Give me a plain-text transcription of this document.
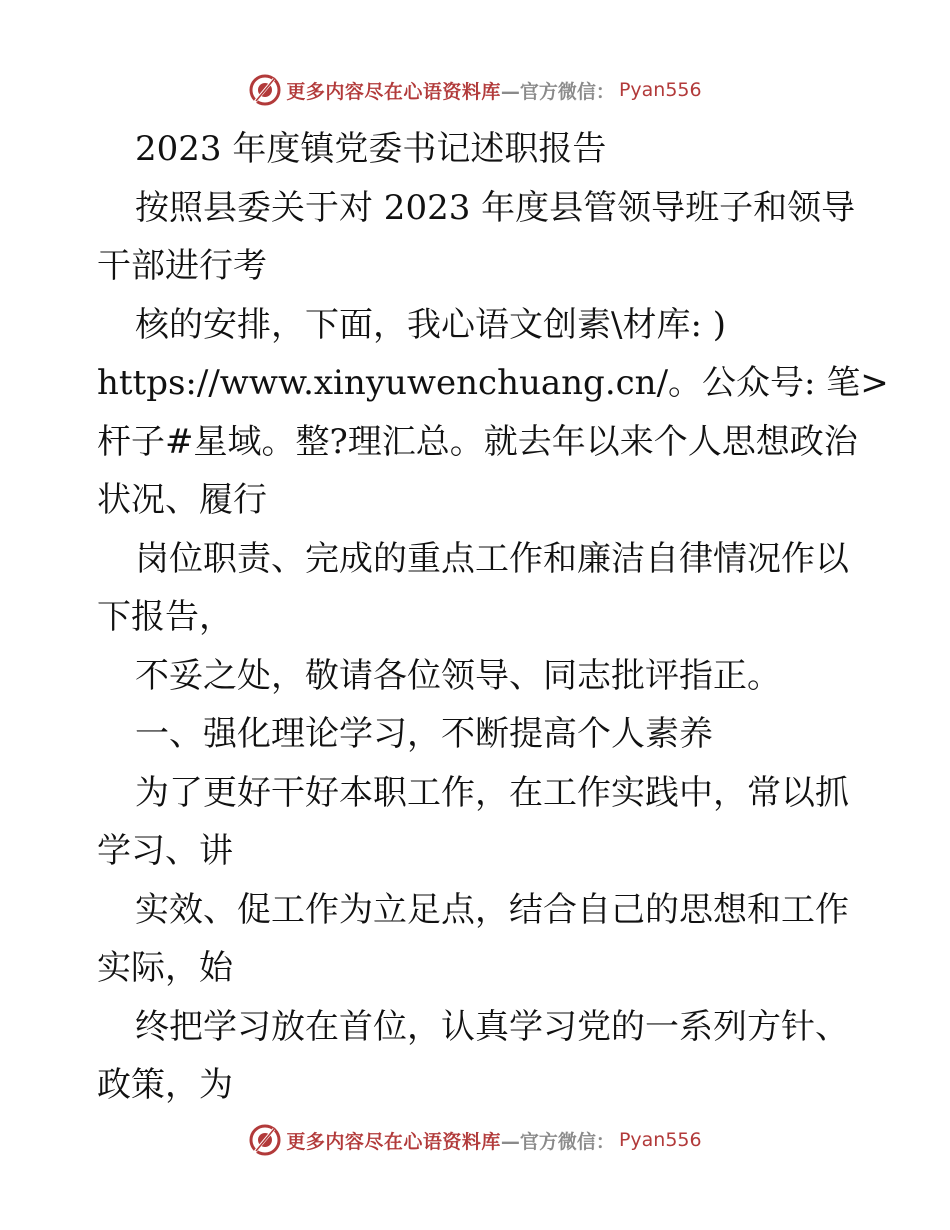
更多内容尽在心语资料库 —官方微信： Pyan556
2023 年度镇党委书记述职报告
按照县委关于对 2023 年度县管领导班子和领导
干部进行考
核的安排，下面，我心语文创素\材库: )
https://www.xinyuwenchuang.cn/。公众号: 笔>
杆子#星域。整?理汇总。就去年以来个人思想政治
状况、履行
岗位职责、完成的重点工作和廉洁自律情况作以
下报告，
不妥之处，敬请各位领导、同志批评指正。
一、强化理论学习，不断提高个人素养
为了更好干好本职工作，在工作实践中，常以抓
学习、讲
实效、促工作为立足点，结合自己的思想和工作
实际，始
终把学习放在首位，认真学习党的一系列方针、
政策，为
更多内容尽在心语资料库 —官方微信： Pyan556
